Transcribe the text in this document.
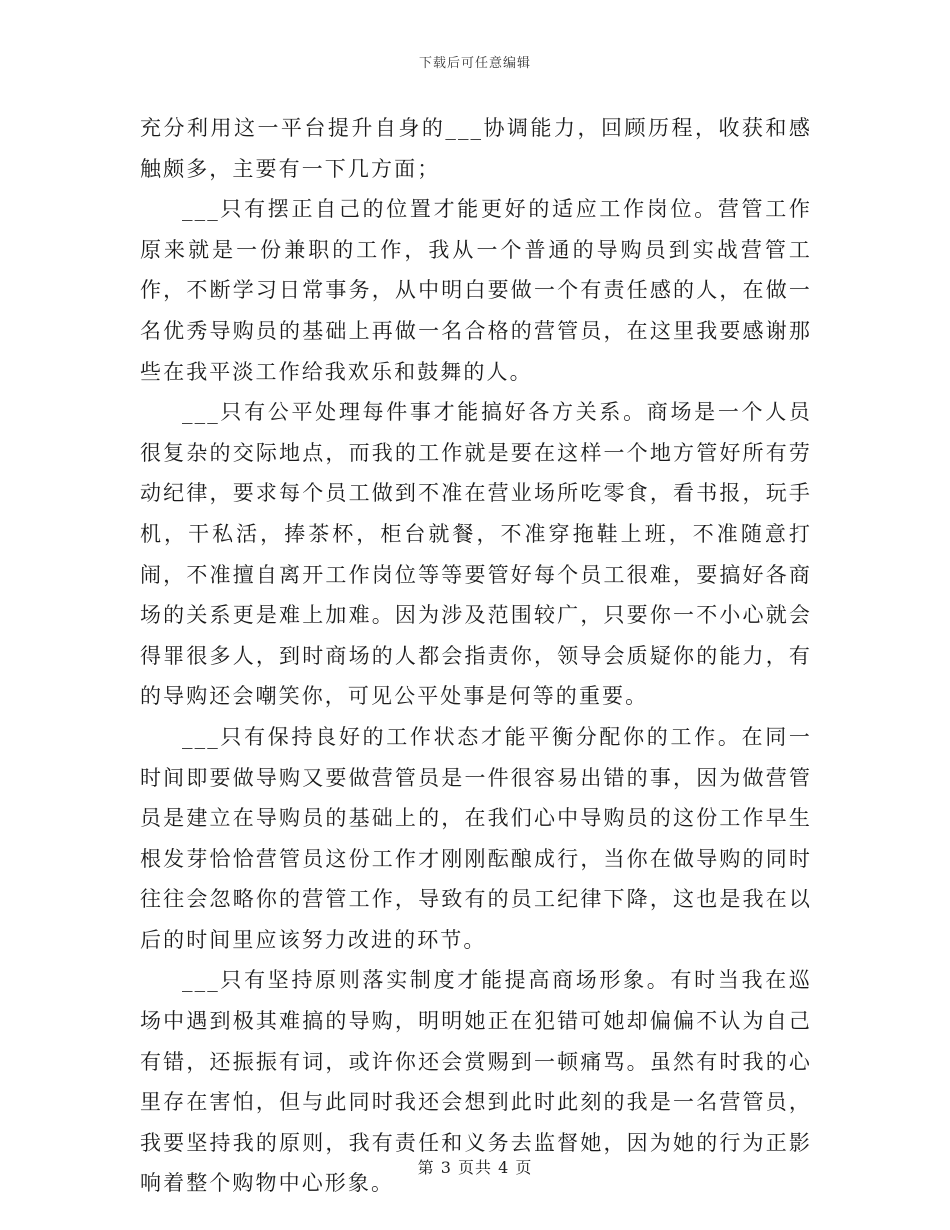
下载后可任意编辑

充分利用这一平台提升自身的___协调能力，回顾历程，收获和感触颇多，主要有一下几方面；

___只有摆正自己的位置才能更好的适应工作岗位。营管工作原来就是一份兼职的工作，我从一个普通的导购员到实战营管工作，不断学习日常事务，从中明白要做一个有责任感的人，在做一名优秀导购员的基础上再做一名合格的营管员，在这里我要感谢那些在我平淡工作给我欢乐和鼓舞的人。

___只有公平处理每件事才能搞好各方关系。商场是一个人员很复杂的交际地点，而我的工作就是要在这样一个地方管好所有劳动纪律，要求每个员工做到不准在营业场所吃零食，看书报，玩手机，干私活，捧茶杯，柜台就餐，不准穿拖鞋上班，不准随意打闹，不准擅自离开工作岗位等等要管好每个员工很难，要搞好各商场的关系更是难上加难。因为涉及范围较广，只要你一不小心就会得罪很多人，到时商场的人都会指责你，领导会质疑你的能力，有的导购还会嘲笑你，可见公平处事是何等的重要。

___只有保持良好的工作状态才能平衡分配你的工作。在同一时间即要做导购又要做营管员是一件很容易出错的事，因为做营管员是建立在导购员的基础上的，在我们心中导购员的这份工作早生根发芽恰恰营管员这份工作才刚刚酝酿成行，当你在做导购的同时往往会忽略你的营管工作，导致有的员工纪律下降，这也是我在以后的时间里应该努力改进的环节。

___只有坚持原则落实制度才能提高商场形象。有时当我在巡场中遇到极其难搞的导购，明明她正在犯错可她却偏偏不认为自己有错，还振振有词，或许你还会赏赐到一顿痛骂。虽然有时我的心里存在害怕，但与此同时我还会想到此时此刻的我是一名营管员，我要坚持我的原则，我有责任和义务去监督她，因为她的行为正影响着整个购物中心形象。

第 3 页共 4 页
